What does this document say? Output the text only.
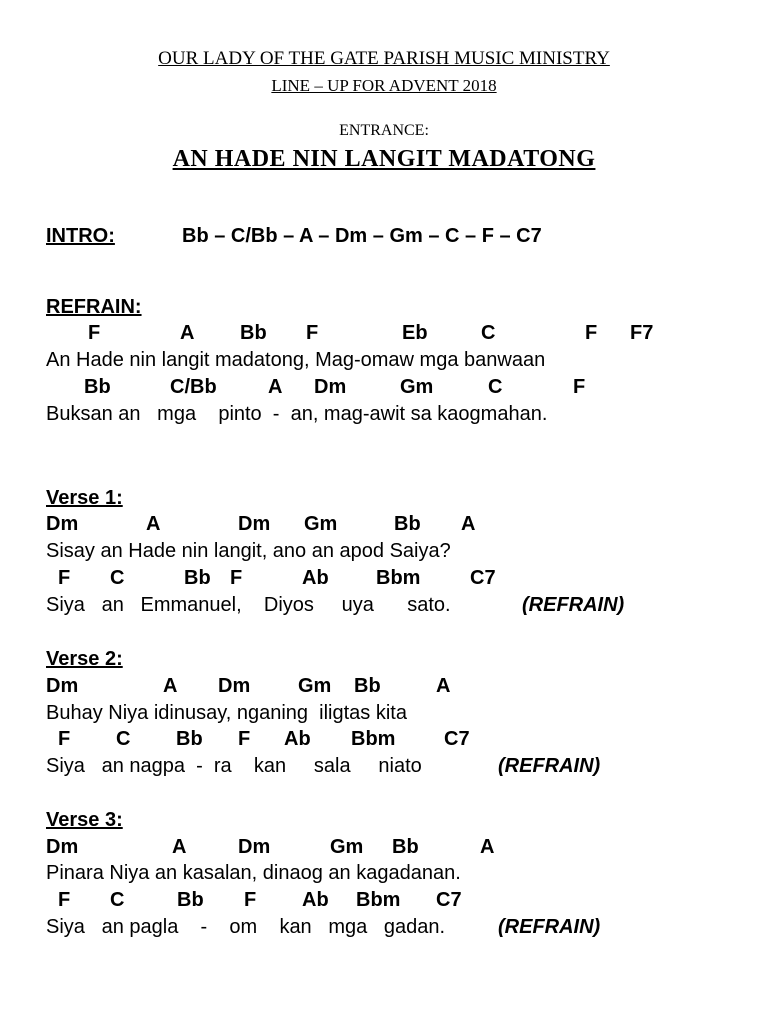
OUR LADY OF THE GATE PARISH MUSIC MINISTRY
LINE – UP FOR ADVENT 2018
ENTRANCE:
AN HADE NIN LANGIT MADATONG
INTRO:	Bb – C/Bb – A – Dm – Gm – C – F – C7
REFRAIN:
F	A Bb F	Eb	C	F F7
An Hade nin langit madatong, Mag-omaw mga banwaan
Bb	C/Bb	A Dm	Gm	C	F
Buksan an   mga    pinto  -  an, mag-awit sa kaogmahan.
Verse 1:
Dm	A	Dm Gm	Bb A
Sisay an Hade nin langit, ano an apod Saiya?
F C	Bb F	Ab Bbm C7
Siya   an   Emmanuel,    Diyos     uya      sato.	(REFRAIN)
Verse 2:
Dm	A Dm Gm Bb	A
Buhay Niya idinusay, nganing  iligtas kita
F C Bb F Ab Bbm C7
Siya   an nagpa  -  ra    kan     sala     niato	(REFRAIN)
Verse 3:
Dm	A	Dm	Gm Bb	A
Pinara Niya an kasalan, dinaog an kagadanan.
F C	Bb F Ab Bbm C7
Siya   an pagla    -    om    kan   mga   gadan.	(REFRAIN)
